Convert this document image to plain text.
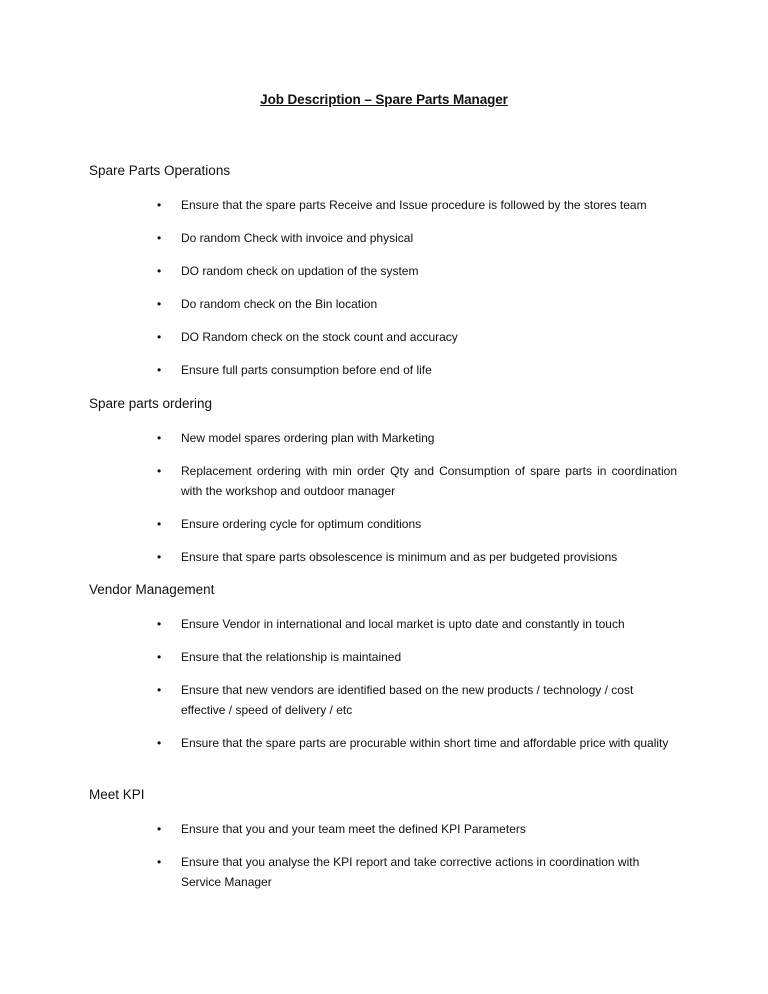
Job Description – Spare Parts Manager
Spare Parts Operations
• Ensure that the spare parts Receive and Issue procedure is followed by the stores team
• Do random Check with invoice and physical
• DO random check on updation of the system
• Do random check on the Bin location
• DO Random check on the stock count and accuracy
• Ensure full parts consumption before end of life
Spare parts ordering
• New model spares ordering plan with Marketing
• Replacement ordering with min order Qty and Consumption of spare parts in coordination with the workshop and outdoor manager
• Ensure ordering cycle for optimum conditions
• Ensure that spare parts obsolescence is minimum and as per budgeted provisions
Vendor Management
• Ensure Vendor in international and local market is upto date and constantly in touch
• Ensure that the relationship is maintained
• Ensure that new vendors are identified based on the new products / technology / cost effective / speed of delivery / etc
• Ensure that the spare parts are procurable within short time and affordable price with quality
Meet KPI
• Ensure that you and your team meet the defined KPI Parameters
• Ensure that you analyse the KPI report and take corrective actions in coordination with Service Manager
